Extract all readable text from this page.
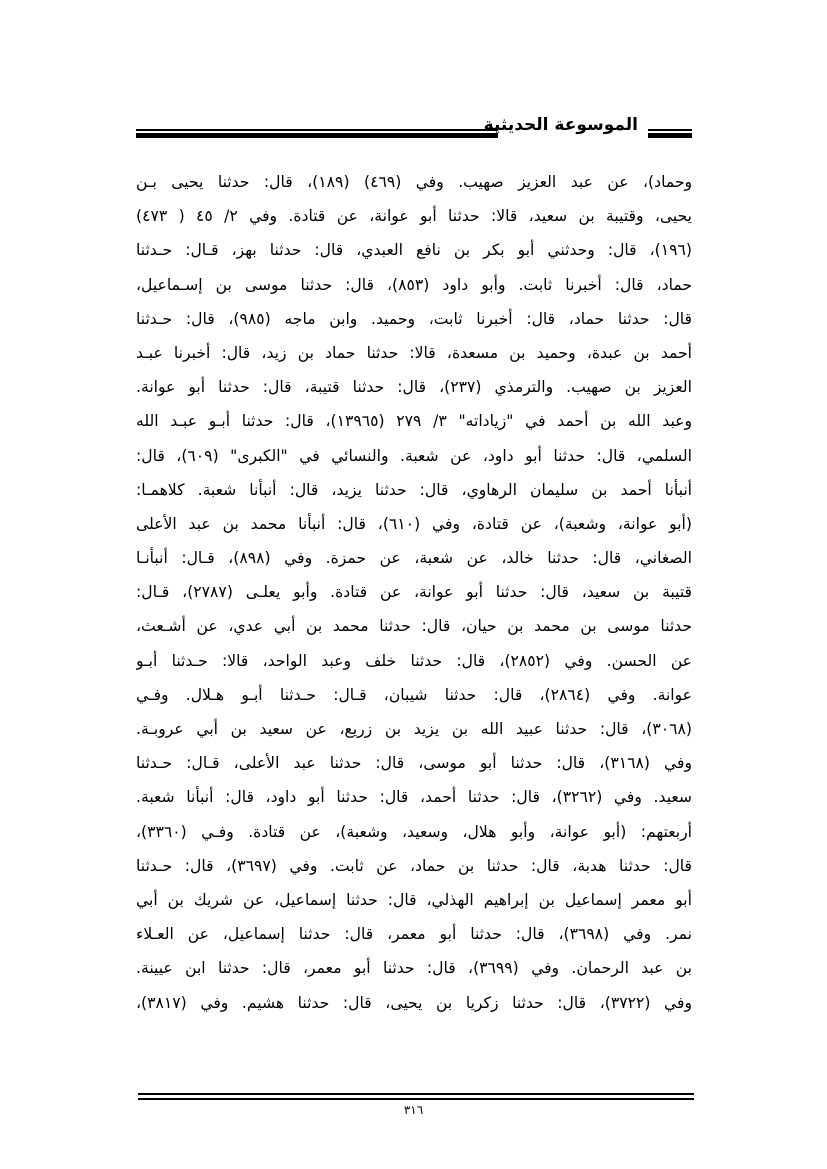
الموسوعة الحديثية
وحماد)، عن عبد العزيز صهيب. وفي (٤٦٩) (١٨٩)، قال: حدثنا يحيى بـن
يحيى، وقتيبة بن سعيد، قالا: حدثنا أبو عوانة، عن قتادة. وفي ٢/ ٤٥ ( ٤٧٣)
(١٩٦)، قال: وحدثني أبو بكر بن نافع العبدي، قال: حدثنا بهز، قـال: حـدثنا
حماد، قال: أخبرنا ثابت. وأبو داود (٨٥٣)، قال: حدثنا موسى بن إسـماعيل،
قال: حدثنا حماد، قال: أخبرنا ثابت، وحميد. وابن ماجه (٩٨٥)، قال: حـدثنا
أحمد بن عبدة، وحميد بن مسعدة، قالا: حدثنا حماد بن زيد، قال: أخبرنا عبـد
العزيز بن صهيب. والترمذي (٢٣٧)، قال: حدثنا قتيبة، قال: حدثنا أبو عوانة.
وعبد الله بن أحمد في "زياداته" ٣/ ٢٧٩ (١٣٩٦٥)، قال: حدثنا أبـو عبـد الله
السلمي، قال: حدثنا أبو داود، عن شعبة. والنسائي في "الكبرى" (٦٠٩)، قال:
أنبأنا أحمد بن سليمان الرهاوي، قال: حدثنا يزيد، قال: أنبأنا شعبة. كلاهمـا:
(أبو عوانة، وشعبة)، عن قتادة، وفي (٦١٠)، قال: أنبأنا محمد بن عبد الأعلى
الصغاني، قال: حدثنا خالد، عن شعبة، عن حمزة. وفي (٨٩٨)، قـال: أنبأنـا
قتيبة بن سعيد، قال: حدثنا أبو عوانة، عن قتادة. وأبو يعلـى (٢٧٨٧)، قـال:
حدثنا موسى بن محمد بن حيان، قال: حدثنا محمد بن أبي عدي، عن أشـعث،
عن الحسن. وفي (٢٨٥٢)، قال: حدثنا خلف وعبد الواحد، قالا: حـدثنا أبـو
عوانة. وفي (٢٨٦٤)، قال: حدثنا شيبان، قـال: حـدثنا أبـو هـلال. وفـي
(٣٠٦٨)، قال: حدثنا عبيد الله بن يزيد بن زريع، عن سعيد بن أبي عروبـة.
وفي (٣١٦٨)، قال: حدثنا أبو موسى، قال: حدثنا عبد الأعلى، قـال: حـدثنا
سعيد. وفي (٣٢٦٢)، قال: حدثنا أحمد، قال: حدثنا أبو داود، قال: أنبأنا شعبة.
أربعتهم: (أبو عوانة، وأبو هلال، وسعيد، وشعبة)، عن قتادة. وفـي (٣٣٦٠)،
قال: حدثنا هدبة، قال: حدثنا بن حماد، عن ثابت. وفي (٣٦٩٧)، قال: حـدثنا
أبو معمر إسماعيل بن إبراهيم الهذلي، قال: حدثنا إسماعيل، عن شريك بن أبي
نمر. وفي (٣٦٩٨)، قال: حدثنا أبو معمر، قال: حدثنا إسماعيل، عن العـلاء
بن عبد الرحمان. وفي (٣٦٩٩)، قال: حدثنا أبو معمر، قال: حدثنا ابن عيينة.
وفي (٣٧٢٢)، قال: حدثنا زكريا بن يحيى، قال: حدثنا هشيم. وفي (٣٨١٧)،
٣١٦
